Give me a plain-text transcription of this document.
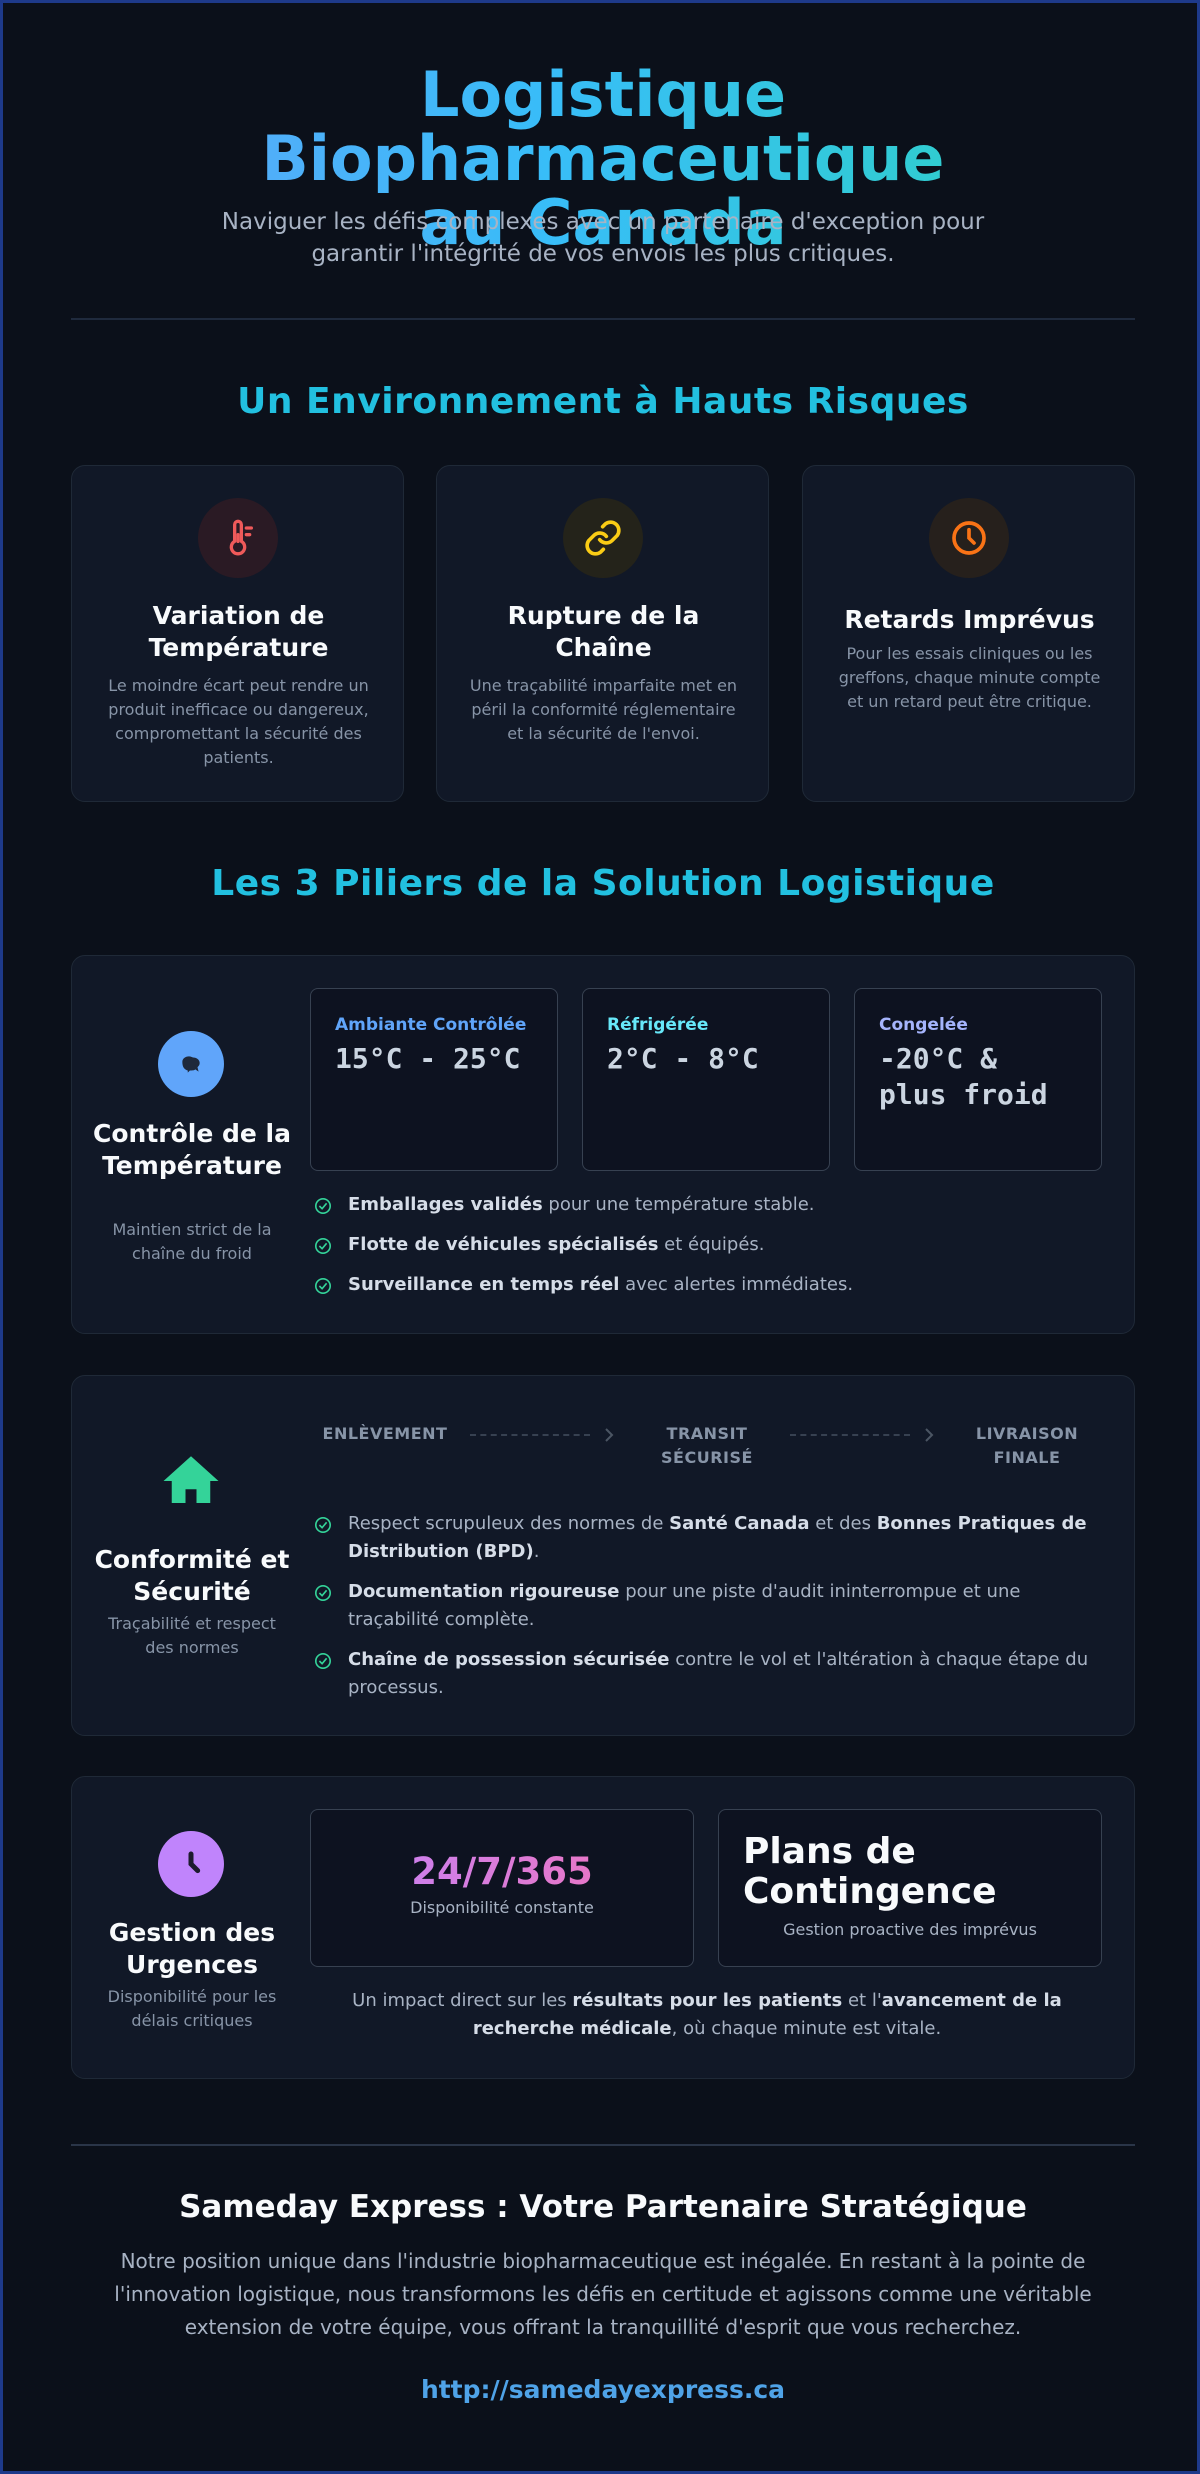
Logistique Biopharmaceutique
au Canada

Naviguer les défis complexes avec un partenaire d'exception pour garantir l'intégrité de vos envois les plus critiques.

Un Environnement à Hauts Risques
Variation de Température
Le moindre écart peut rendre un produit inefficace ou dangereux, compromettant la sécurité des patients.
Rupture de la Chaîne
Une traçabilité imparfaite met en péril la conformité réglementaire et la sécurité de l'envoi.
Retards Imprévus
Pour les essais cliniques ou les greffons, chaque minute compte et un retard peut être critique.
Les 3 Piliers de la Solution Logistique
Contrôle de la Température
Maintien strict de la chaîne du froid
Ambiante Contrôlée
15°C - 25°C
Réfrigérée
2°C - 8°C
Congelée
-20°C & plus froid
Emballages validés pour une température stable.
Flotte de véhicules spécialisés et équipés.
Surveillance en temps réel avec alertes immédiates.
Conformité et Sécurité
Traçabilité et respect des normes
ENLÈVEMENT	TRANSIT SÉCURISÉ
LIVRAISON FINALE
Respect scrupuleux des normes de Santé Canada et des Bonnes Pratiques de Distribution (BPD).
Documentation rigoureuse pour une piste d'audit ininterrompue et une traçabilité complète.
Chaîne de possession sécurisée contre le vol et l'altération à chaque étape du processus.
Gestion des Urgences
Disponibilité pour les délais critiques
24/7/365
Disponibilité constante
Plans de Contingence
Gestion proactive des imprévus
Un impact direct sur les résultats pour les patients et l'avancement de la recherche médicale, où chaque minute est vitale.
Sameday Express : Votre Partenaire Stratégique

Notre position unique dans l'industrie biopharmaceutique est inégalée. En restant à la pointe de l'innovation logistique, nous transformons les défis en certitude et agissons comme une véritable extension de votre équipe, vous offrant la tranquillité d'esprit que vous recherchez.

http://samedayexpress.ca
